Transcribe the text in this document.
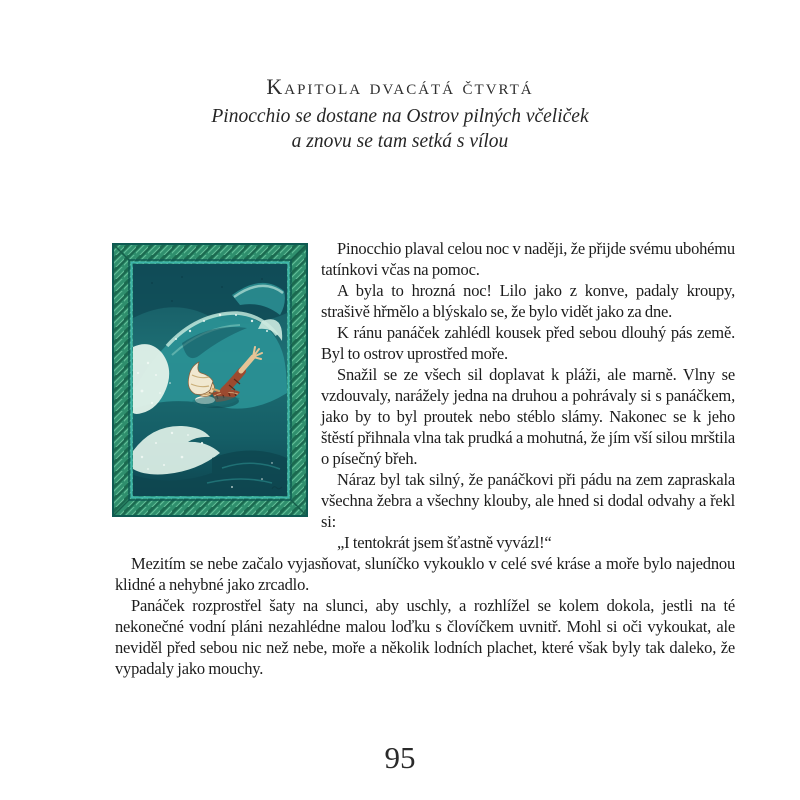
Kapitola dvacátá čtvrtá
Pinocchio se dostane na Ostrov pilných včeliček
a znovu se tam setká s vílou

Pinocchio plaval celou noc v naději, že přijde svému ubohému tatínkovi včas na pomoc.

A byla to hrozná noc! Lilo jako z konve, padaly kroupy, strašivě hřmělo a blýskalo se, že bylo vidět jako za dne.

K ránu panáček zahlédl kousek před sebou dlouhý pás země. Byl to ostrov uprostřed moře.

Snažil se ze všech sil doplavat k pláži, ale marně. Vlny se vzdouvaly, narážely jedna na druhou a pohrávaly si s panáčkem, jako by to byl proutek nebo stéblo slámy. Nakonec se k jeho štěstí přihnala vlna tak prudká a mohutná, že jím vší silou mrštila o písečný břeh.

Náraz byl tak silný, že panáčkovi při pádu na zem zapraskala všechna žebra a všechny klouby, ale hned si dodal odvahy a řekl si:

„I tentokrát jsem šťastně vyvázl!“

Mezitím se nebe začalo vyjasňovat, sluníčko vykouklo v celé své kráse a moře bylo najednou klidné a nehybné jako zrcadlo.

Panáček rozprostřel šaty na slunci, aby uschly, a rozhlížel se kolem dokola, jestli na té nekonečné vodní pláni nezahlédne malou loďku s človíčkem uvnitř. Mohl si oči vykoukat, ale neviděl před sebou nic než nebe, moře a několik lodních plachet, které však byly tak daleko, že vypadaly jako mouchy.

95
